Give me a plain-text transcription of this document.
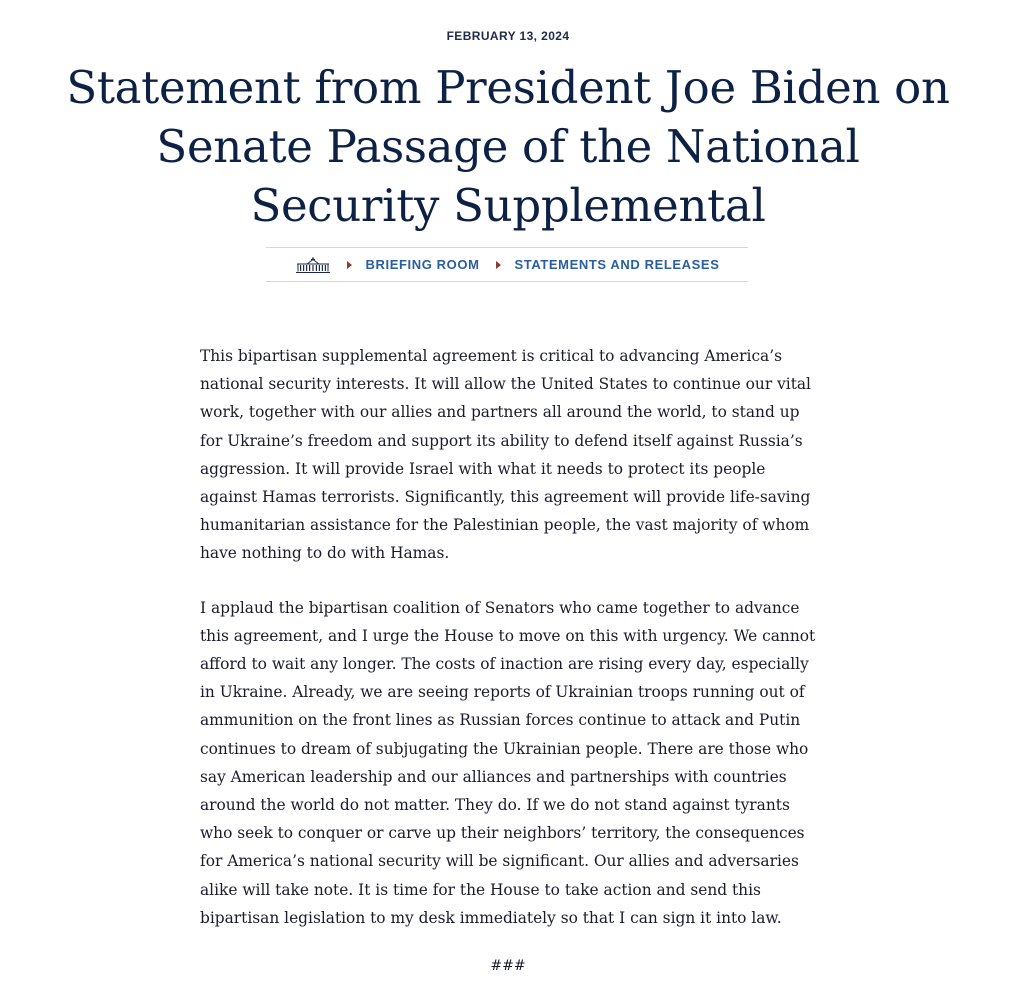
FEBRUARY 13, 2024
Statement from President Joe Biden on Senate Passage of the National Security Supplemental
BRIEFING ROOM	STATEMENTS AND RELEASES

This bipartisan supplemental agreement is critical to advancing America’s national security interests. It will allow the United States to continue our vital work, together with our allies and partners all around the world, to stand up for Ukraine’s freedom and support its ability to defend itself against Russia’s aggression. It will provide Israel with what it needs to protect its people against Hamas terrorists. Significantly, this agreement will provide life-saving humanitarian assistance for the Palestinian people, the vast majority of whom have nothing to do with Hamas.

I applaud the bipartisan coalition of Senators who came together to advance this agreement, and I urge the House to move on this with urgency. We cannot afford to wait any longer. The costs of inaction are rising every day, especially in Ukraine. Already, we are seeing reports of Ukrainian troops running out of ammunition on the front lines as Russian forces continue to attack and Putin continues to dream of subjugating the Ukrainian people. There are those who say American leadership and our alliances and partnerships with countries around the world do not matter. They do. If we do not stand against tyrants who seek to conquer or carve up their neighbors’ territory, the consequences for America’s national security will be significant. Our allies and adversaries alike will take note. It is time for the House to take action and send this bipartisan legislation to my desk immediately so that I can sign it into law.

###
